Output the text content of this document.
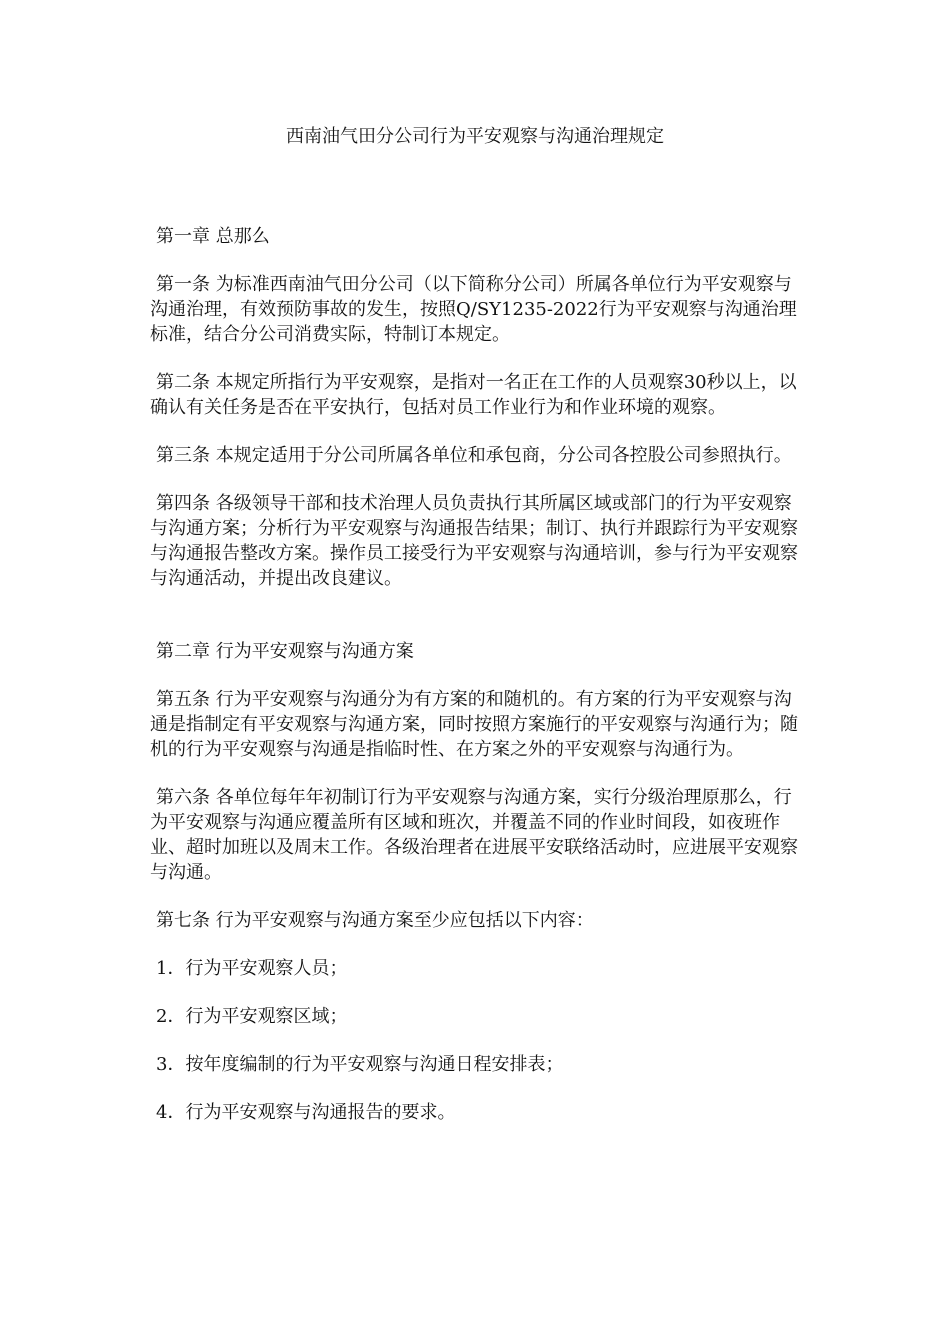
西南油气田分公司行为平安观察与沟通治理规定

第一章 总那么

第一条 为标准西南油气田分公司（以下简称分公司）所属各单位行为平安观察与沟通治理，有效预防事故的发生，按照Q/SY1235-2022行为平安观察与沟通治理标准，结合分公司消费实际，特制订本规定。

第二条 本规定所指行为平安观察，是指对一名正在工作的人员观察30秒以上，以确认有关任务是否在平安执行，包括对员工作业行为和作业环境的观察。

第三条 本规定适用于分公司所属各单位和承包商，分公司各控股公司参照执行。

第四条 各级领导干部和技术治理人员负责执行其所属区域或部门的行为平安观察与沟通方案；分析行为平安观察与沟通报告结果；制订、执行并跟踪行为平安观察与沟通报告整改方案。操作员工接受行为平安观察与沟通培训，参与行为平安观察与沟通活动，并提出改良建议。

第二章 行为平安观察与沟通方案

第五条 行为平安观察与沟通分为有方案的和随机的。有方案的行为平安观察与沟通是指制定有平安观察与沟通方案，同时按照方案施行的平安观察与沟通行为；随机的行为平安观察与沟通是指临时性、在方案之外的平安观察与沟通行为。

第六条 各单位每年年初制订行为平安观察与沟通方案，实行分级治理原那么，行为平安观察与沟通应覆盖所有区域和班次，并覆盖不同的作业时间段，如夜班作业、超时加班以及周末工作。各级治理者在进展平安联络活动时，应进展平安观察与沟通。

第七条 行为平安观察与沟通方案至少应包括以下内容：

1．行为平安观察人员；

2．行为平安观察区域；

3．按年度编制的行为平安观察与沟通日程安排表；

4．行为平安观察与沟通报告的要求。
